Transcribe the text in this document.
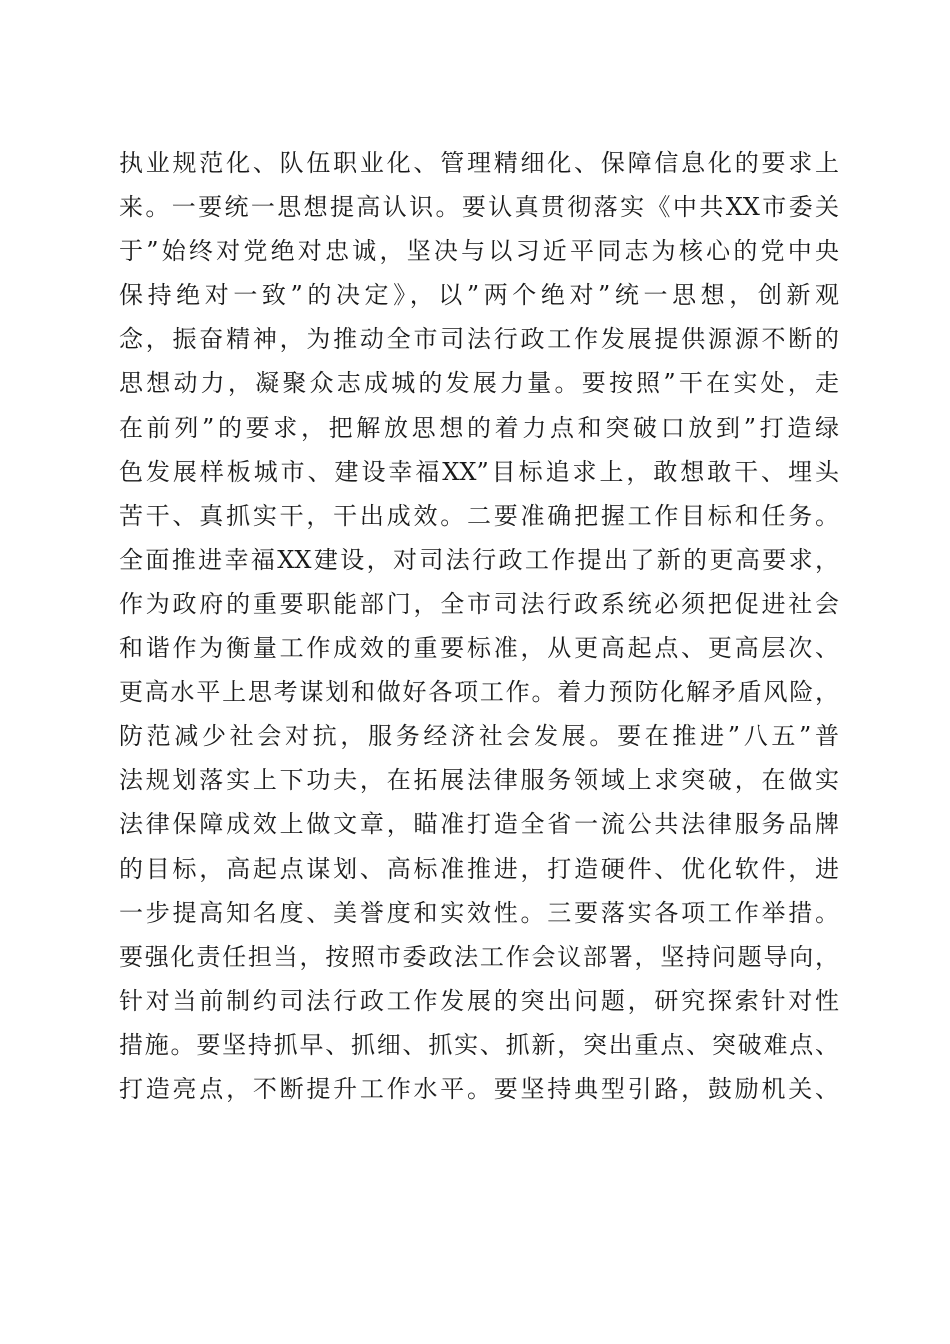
执业规范化、队伍职业化、管理精细化、保障信息化的要求上
来。一要统一思想提高认识。要认真贯彻落实《中共XX市委关
于”始终对党绝对忠诚，坚决与以习近平同志为核心的党中央
保持绝对一致”的决定》，以”两个绝对”统一思想，创新观
念，振奋精神，为推动全市司法行政工作发展提供源源不断的
思想动力，凝聚众志成城的发展力量。要按照”干在实处，走
在前列”的要求，把解放思想的着力点和突破口放到”打造绿
色发展样板城市、建设幸福XX”目标追求上，敢想敢干、埋头
苦干、真抓实干，干出成效。二要准确把握工作目标和任务。
全面推进幸福XX建设，对司法行政工作提出了新的更高要求，
作为政府的重要职能部门，全市司法行政系统必须把促进社会
和谐作为衡量工作成效的重要标准，从更高起点、更高层次、
更高水平上思考谋划和做好各项工作。着力预防化解矛盾风险，
防范减少社会对抗，服务经济社会发展。要在推进”八五”普
法规划落实上下功夫，在拓展法律服务领域上求突破，在做实
法律保障成效上做文章，瞄准打造全省一流公共法律服务品牌
的目标，高起点谋划、高标准推进，打造硬件、优化软件，进
一步提高知名度、美誉度和实效性。三要落实各项工作举措。
要强化责任担当，按照市委政法工作会议部署，坚持问题导向，
针对当前制约司法行政工作发展的突出问题，研究探索针对性
措施。要坚持抓早、抓细、抓实、抓新，突出重点、突破难点、
打造亮点，不断提升工作水平。要坚持典型引路，鼓励机关、
